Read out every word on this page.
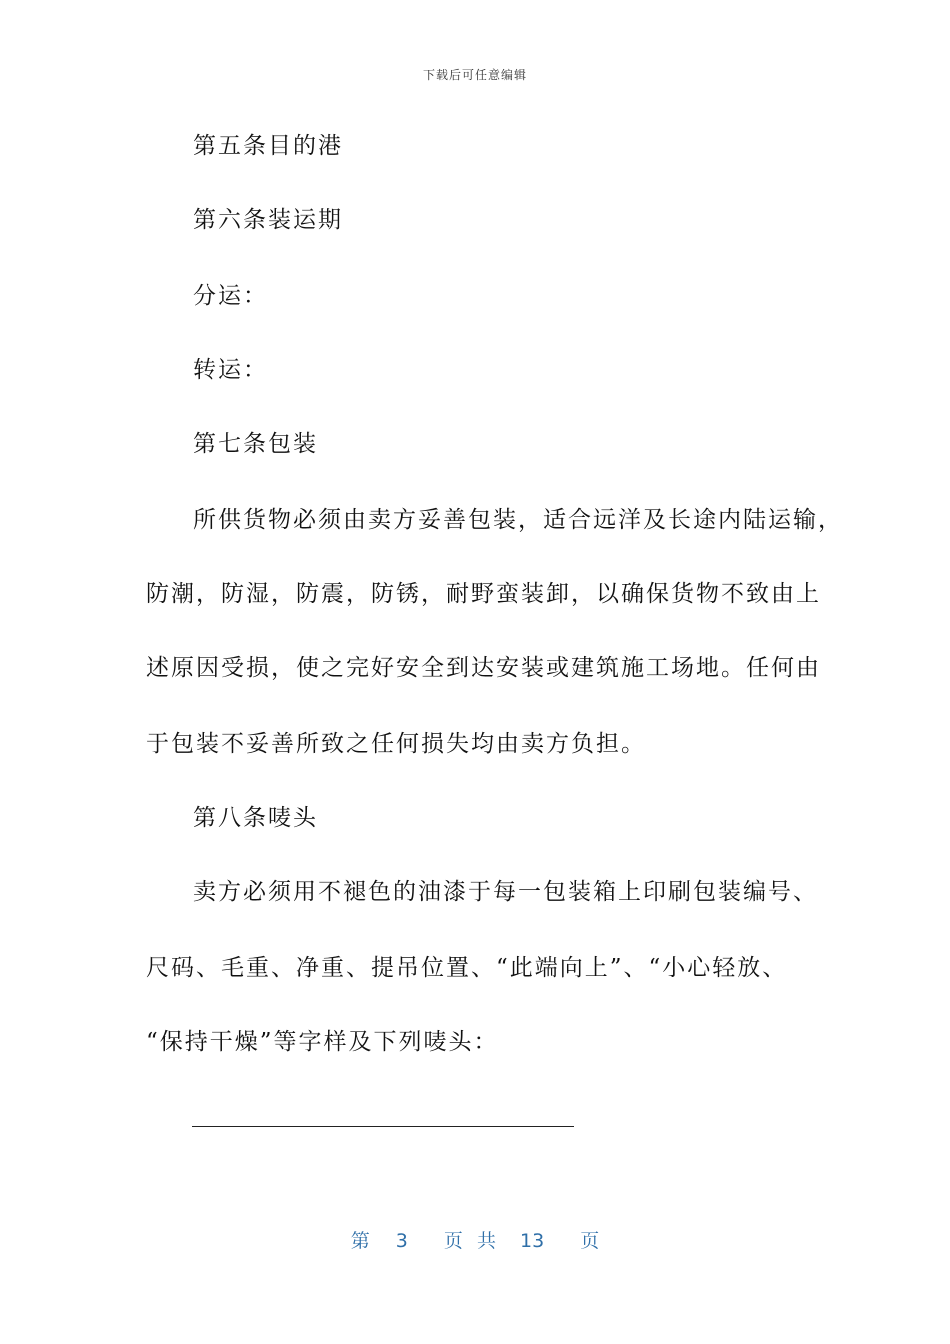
下载后可任意编辑
第五条目的港
第六条装运期
分运：
转运：
第七条包装
所供货物必须由卖方妥善包装，适合远洋及长途内陆运输，
防潮，防湿，防震，防锈，耐野蛮装卸，以确保货物不致由上
述原因受损，使之完好安全到达安装或建筑施工场地。任何由
于包装不妥善所致之任何损失均由卖方负担。
第八条唛头
卖方必须用不褪色的油漆于每一包装箱上印刷包装编号、
尺码、毛重、净重、提吊位置、“此端向上”、“小心轻放、
“保持干燥”等字样及下列唛头：
第 3 页 共 13 页
